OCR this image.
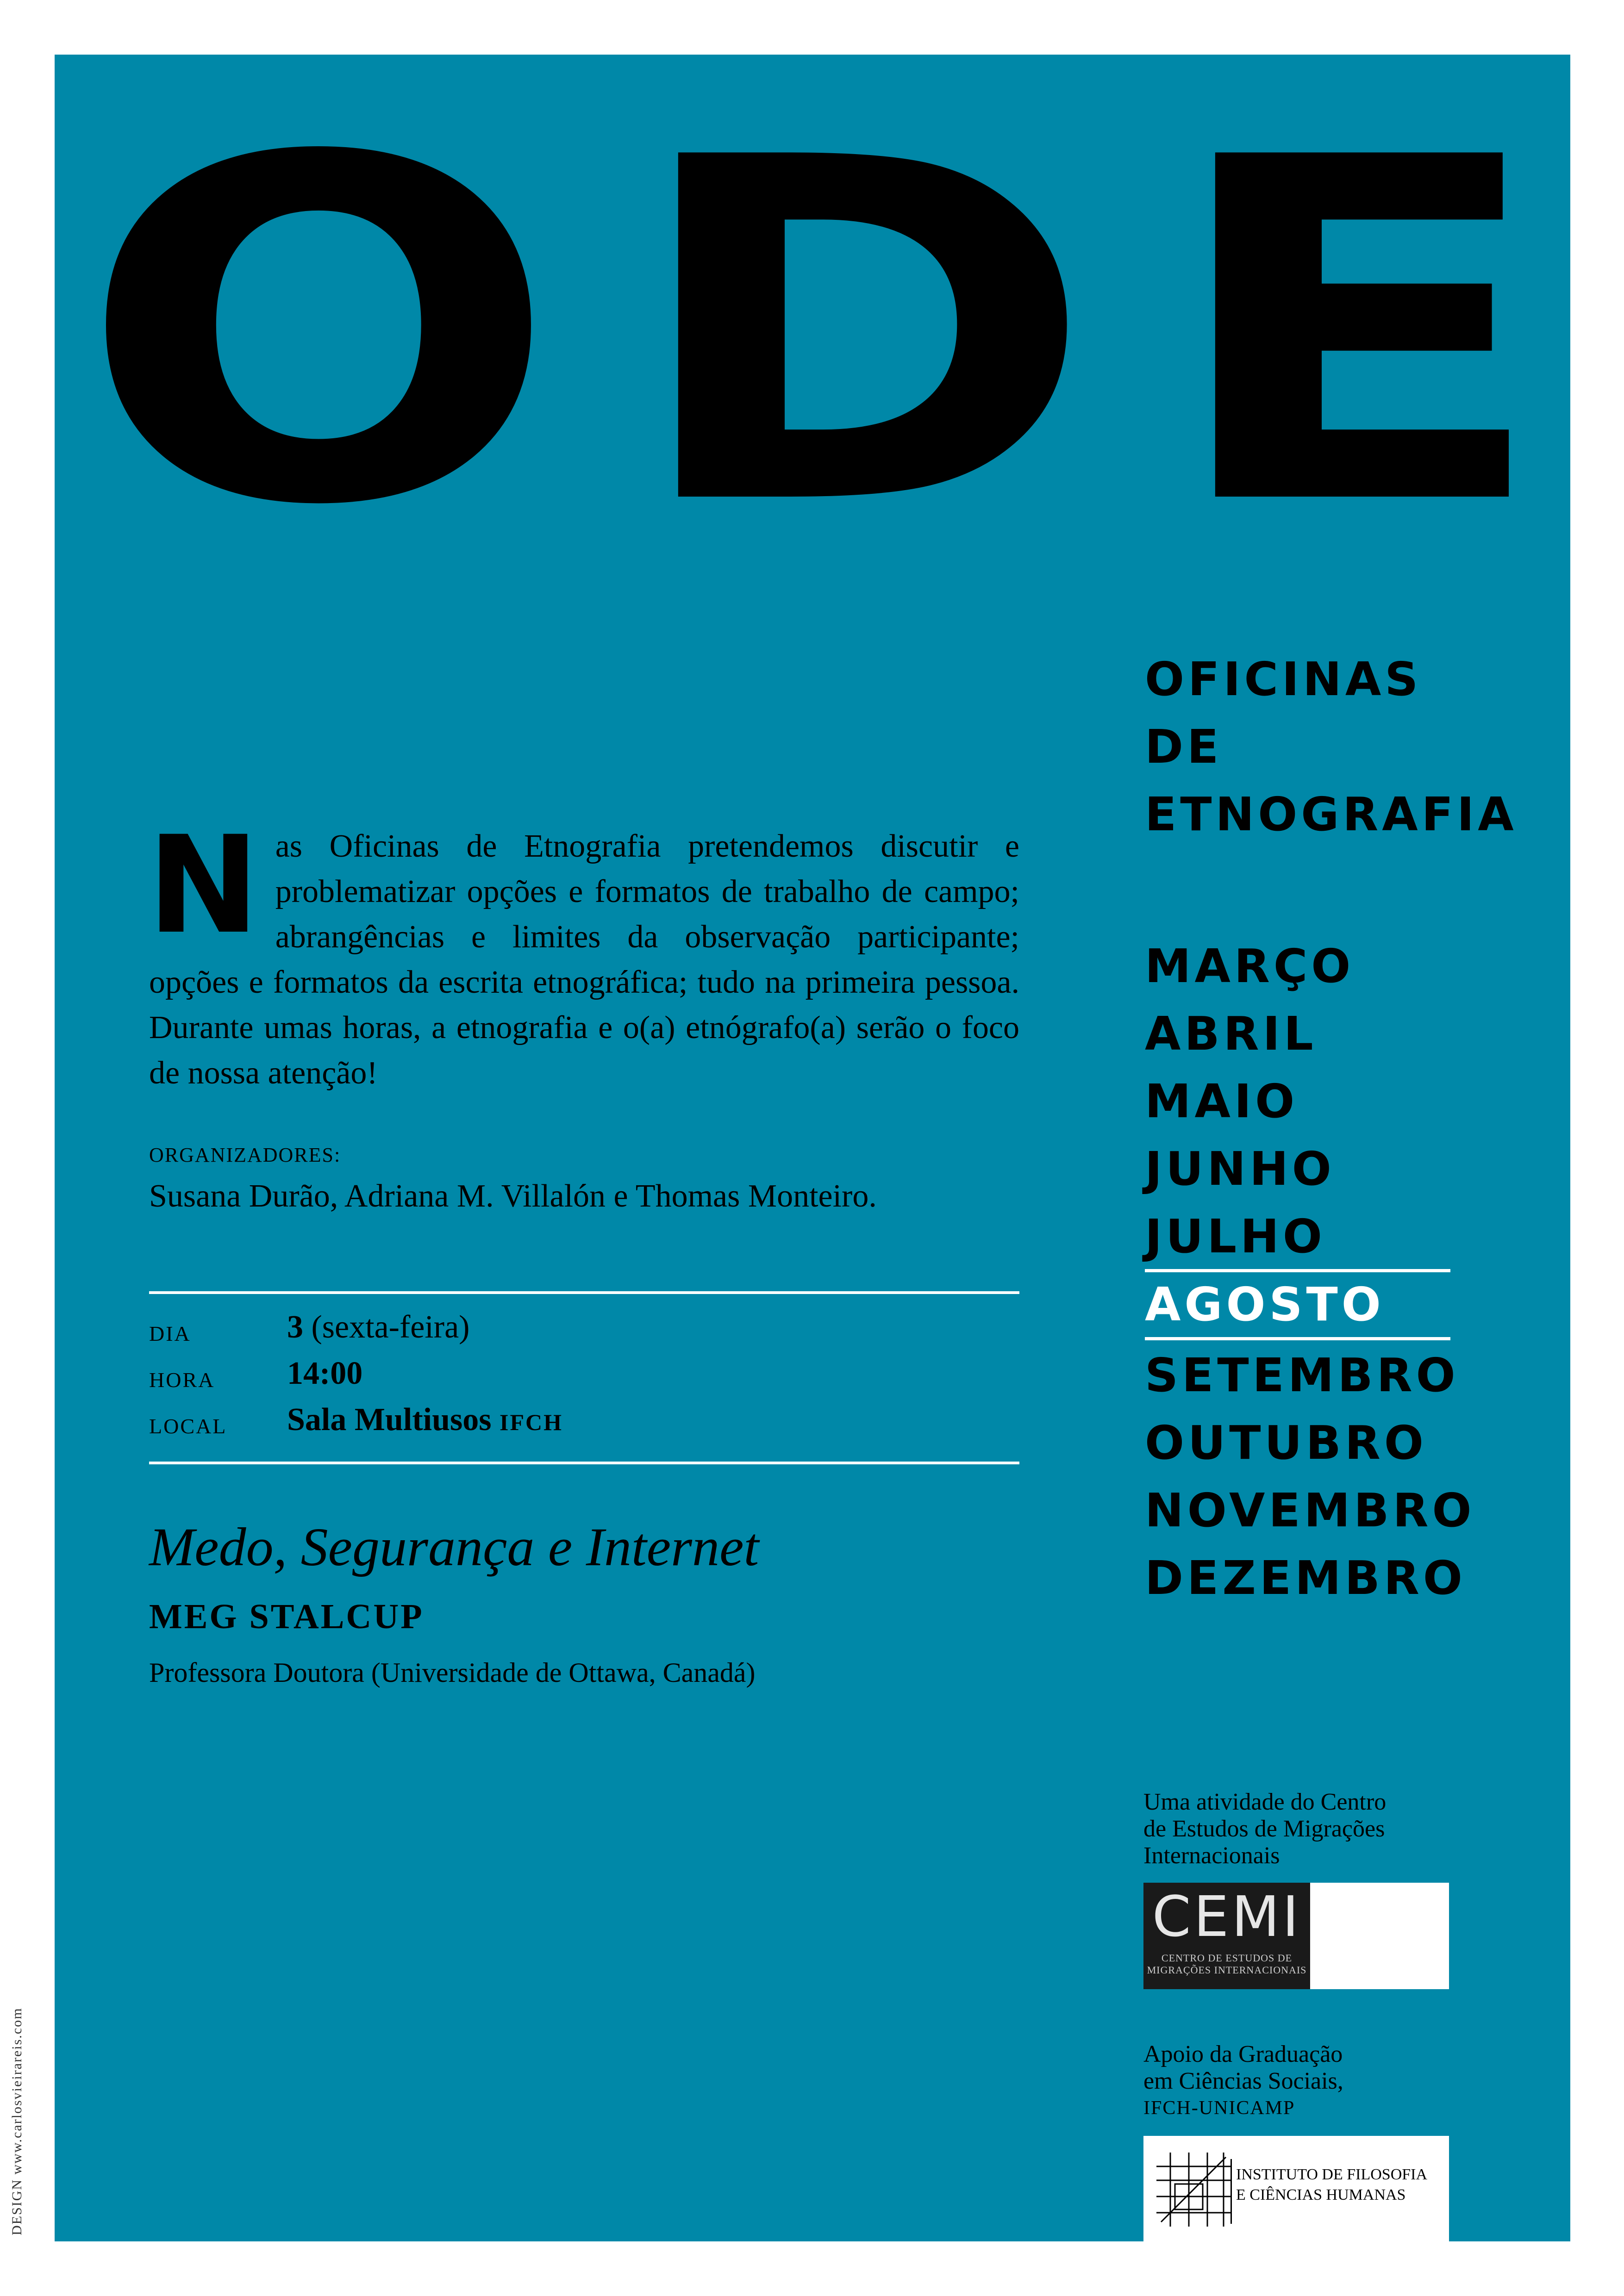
ODE
OFICINAS
DE
ETNOGRAFIA
MARÇO
ABRIL
MAIO
JUNHO
JULHO
AGOSTO
SETEMBRO
OUTUBRO
NOVEMBRO
DEZEMBRO
Nas Oficinas de Etnografia pretendemos discutir e problematizar opções e formatos de trabalho de campo; abrangências e limites da observação participante; opções e formatos da escrita etnográfica; tudo na primeira pessoa. Durante umas horas, a etnografia e o(a) etnógrafo(a) serão o foco de nossa atenção!
ORGANIZADORES:
Susana Durão, Adriana M. Villalón e Thomas Monteiro.
DIA	3 (sexta-feira)
HORA 14:00
LOCAL Sala Multiusos IFCH
Medo, Segurança e Internet
MEG STALCUP
Professora Doutora (Universidade de Ottawa, Canadá)
Uma atividade do Centro
de Estudos de Migrações
Internacionais
CEMI
CENTRO DE ESTUDOS DE
MIGRAÇÕES INTERNACIONAIS
Apoio da Graduação
em Ciências Sociais,
IFCH-UNICAMP
INSTITUTO DE FILOSOFIA
E CIÊNCIAS HUMANAS
DESIGN www.carlosvieirareis.com
